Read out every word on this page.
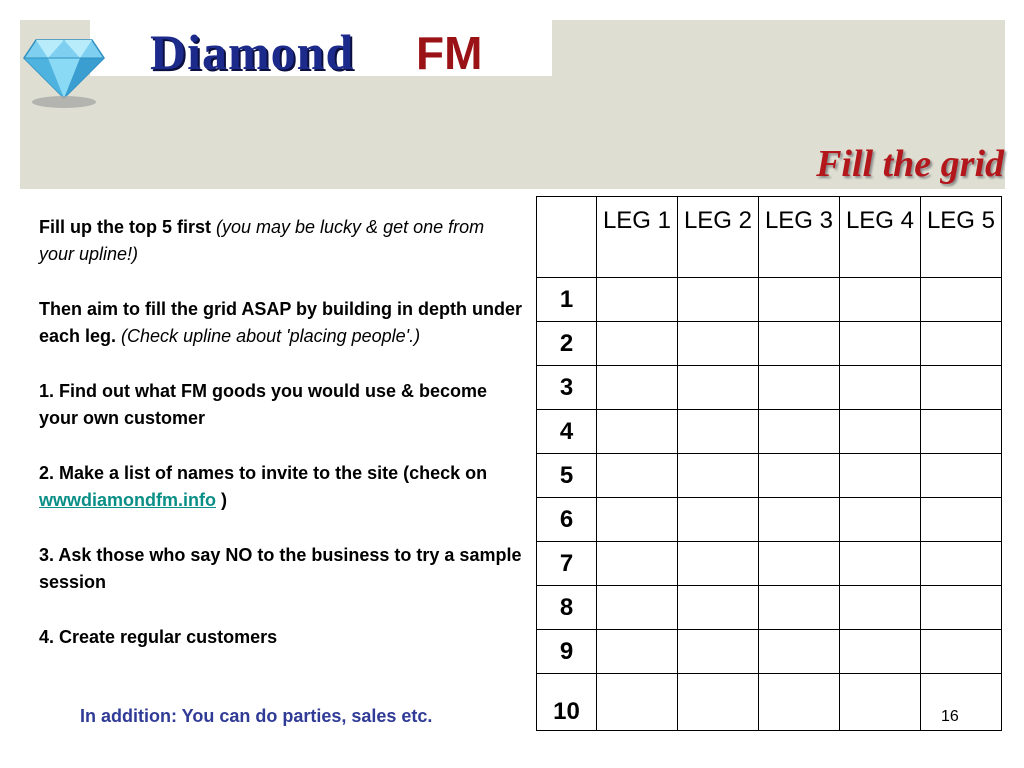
Diamond FM
Fill the grid

Fill up the top 5 first (you may be lucky & get one from your upline!)

Then aim to fill the grid ASAP by building in depth under each leg. (Check upline about 'placing people'.)

1. Find out what FM goods you would use & become your own customer

2. Make a list of names to invite to the site (check on wwwdiamondfm.info )

3. Ask those who say NO to the business to try a sample session

4. Create regular customers

In addition: You can do parties, sales etc.
	LEG 1	LEG 2	LEG 3	LEG 4	LEG 5
1					
2					
3					
4					
5					
6					
7					
8					
9					
10						16
